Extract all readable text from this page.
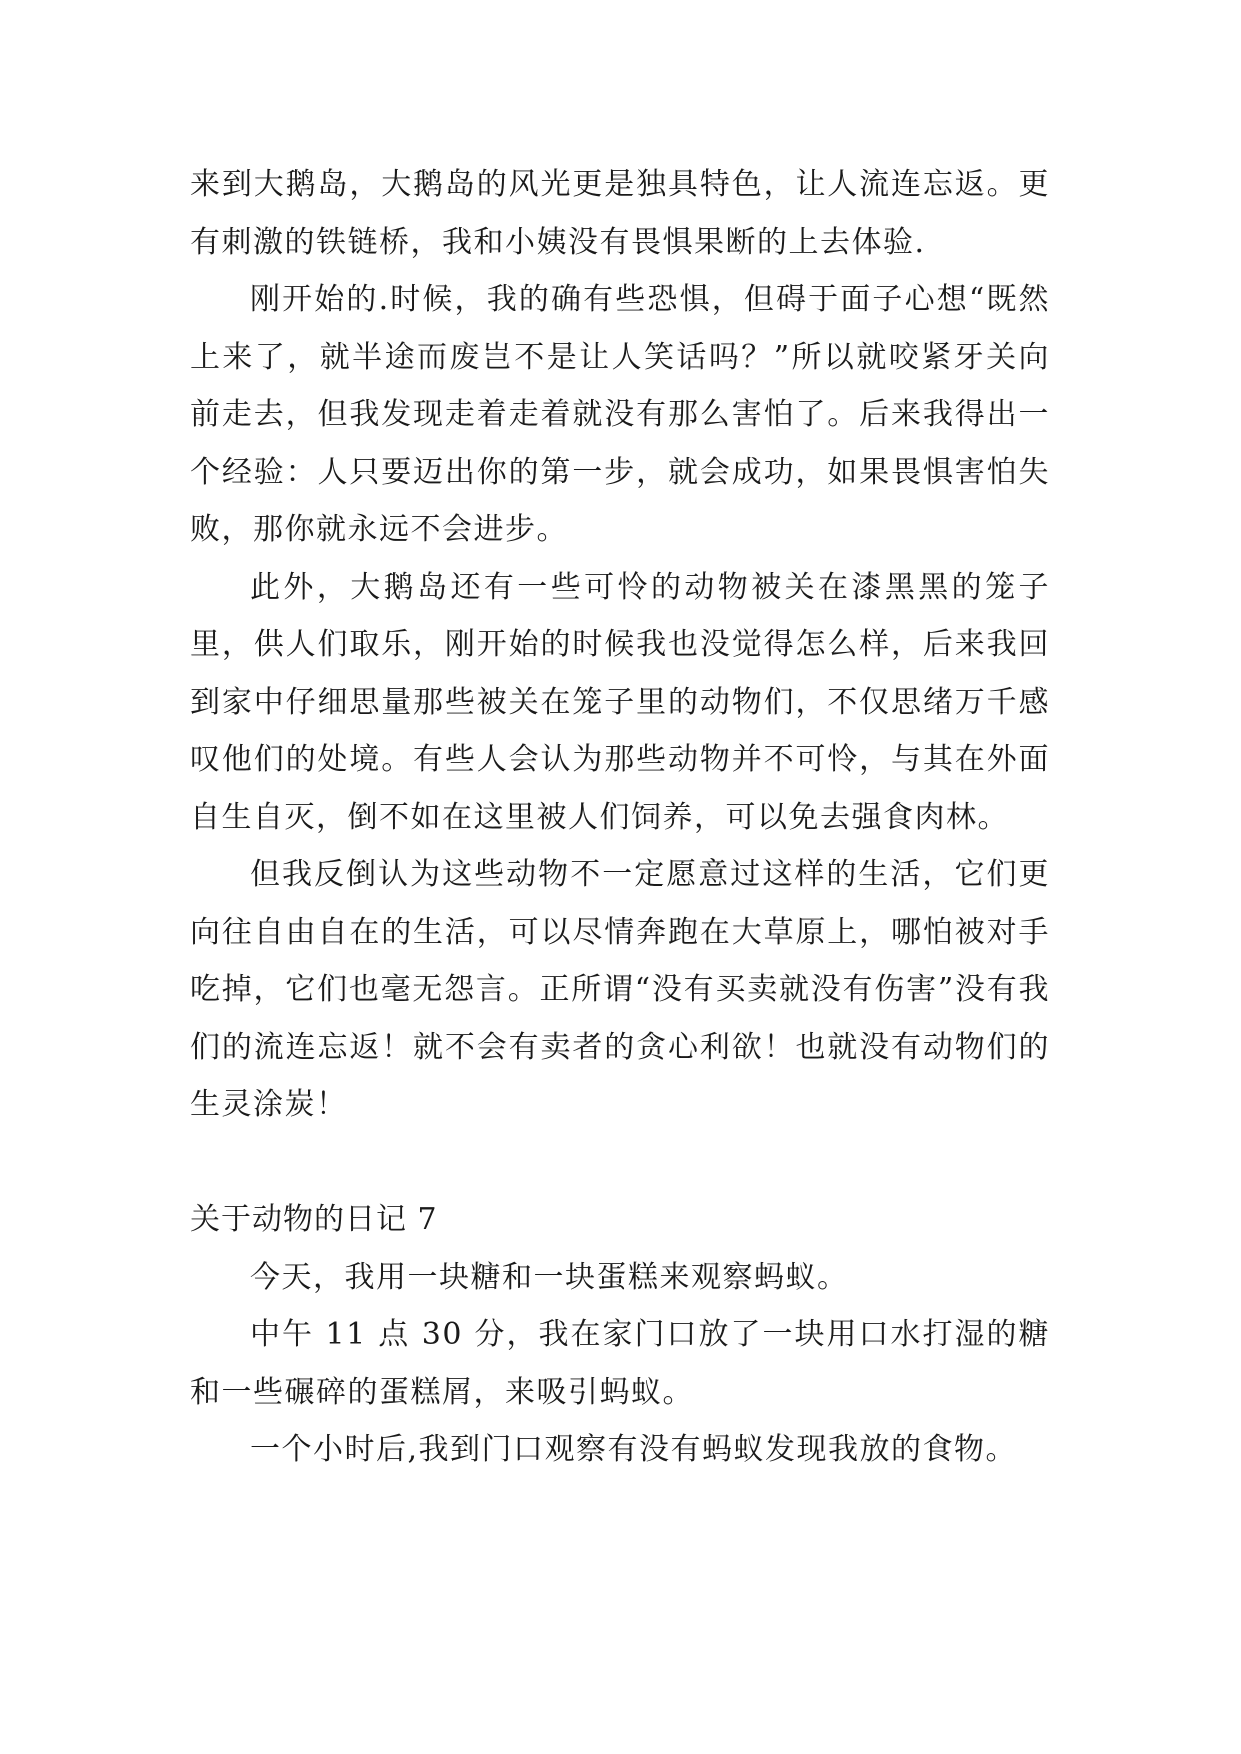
来到大鹅岛，大鹅岛的风光更是独具特色，让人流连忘返。更有刺激的铁链桥，我和小姨没有畏惧果断的上去体验.

刚开始的.时候，我的确有些恐惧，但碍于面子心想“既然上来了，就半途而废岂不是让人笑话吗？”所以就咬紧牙关向前走去，但我发现走着走着就没有那么害怕了。后来我得出一个经验：人只要迈出你的第一步，就会成功，如果畏惧害怕失败，那你就永远不会进步。

此外，大鹅岛还有一些可怜的动物被关在漆黑黑的笼子里，供人们取乐，刚开始的时候我也没觉得怎么样，后来我回到家中仔细思量那些被关在笼子里的动物们，不仅思绪万千感叹他们的处境。有些人会认为那些动物并不可怜，与其在外面自生自灭，倒不如在这里被人们饲养，可以免去强食肉林。

但我反倒认为这些动物不一定愿意过这样的生活，它们更向往自由自在的生活，可以尽情奔跑在大草原上，哪怕被对手吃掉，它们也毫无怨言。正所谓“没有买卖就没有伤害”没有我们的流连忘返！就不会有卖者的贪心利欲！也就没有动物们的生灵涂炭！

关于动物的日记 7

今天，我用一块糖和一块蛋糕来观察蚂蚁。

中午 11 点 30 分，我在家门口放了一块用口水打湿的糖和一些碾碎的蛋糕屑，来吸引蚂蚁。

一个小时后,我到门口观察有没有蚂蚁发现我放的食物。
